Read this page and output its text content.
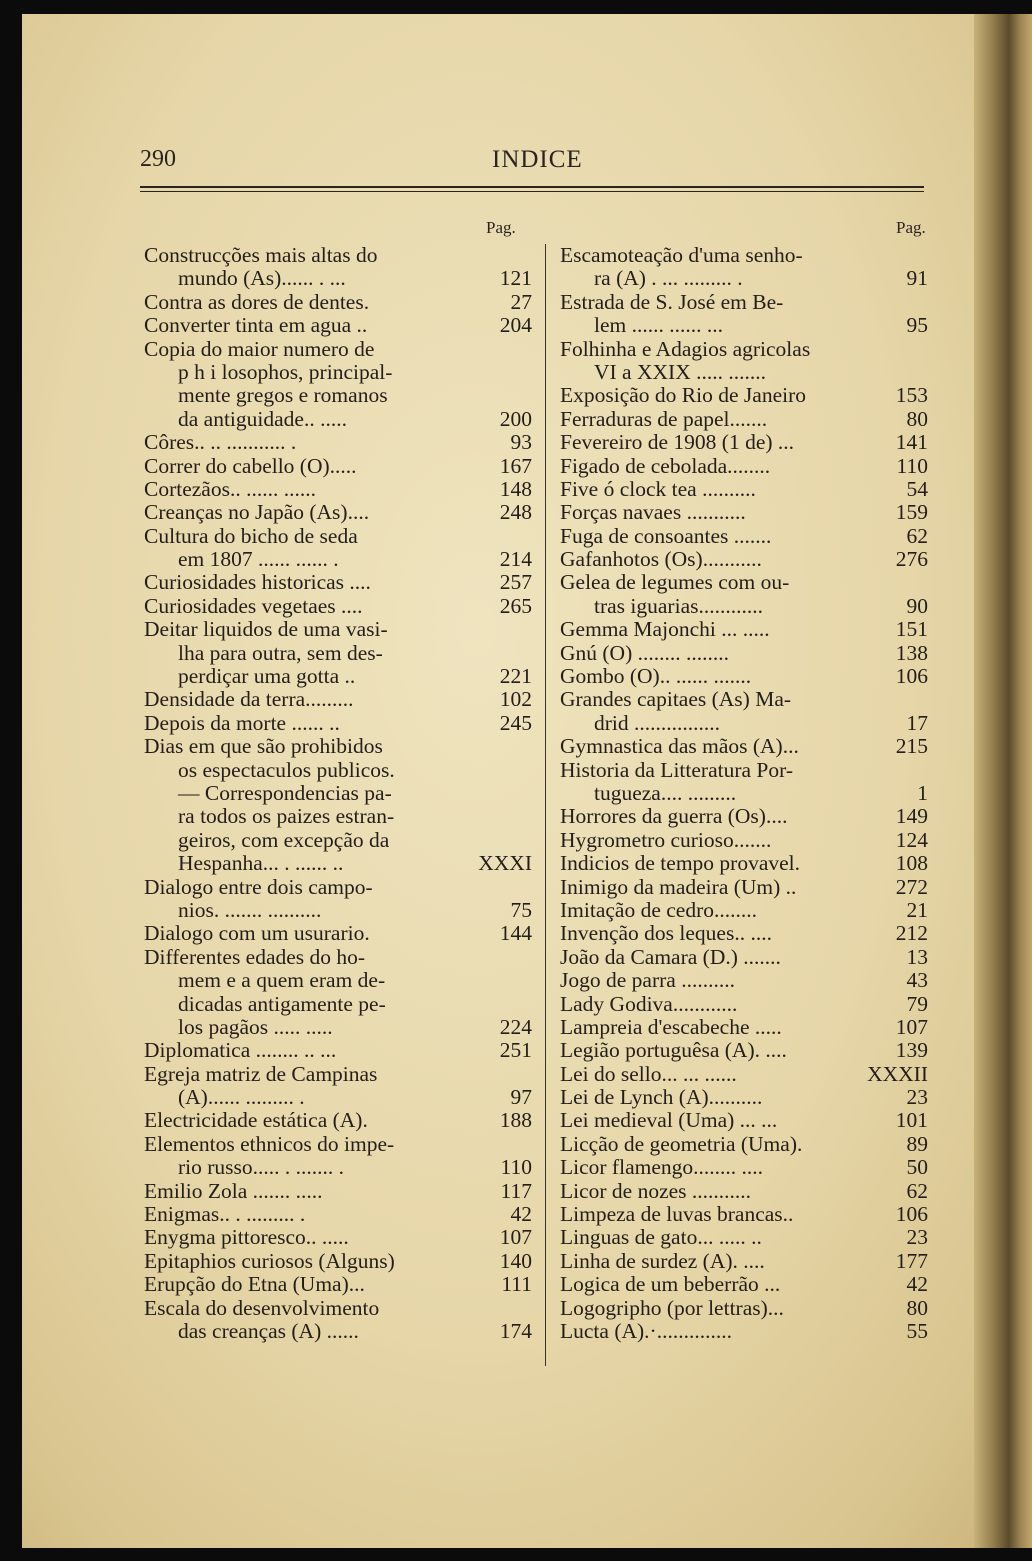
290	INDICE
Pag.	Pag.
Construcções mais altas do
mundo (As)...... . ...	121
Contra as dores de dentes.	27
Converter tinta em agua ..	204
Copia do maior numero de
p h i losophos, principal-
mente gregos e romanos
da antiguidade.. .....	200
Côres.. .. ........... .	93
Correr do cabello (O).....	167
Cortezãos.. ...... ......	148
Creanças no Japão (As)....	248
Cultura do bicho de seda
em 1807 ...... ...... .	214
Curiosidades historicas ....	257
Curiosidades vegetaes ....	265
Deitar liquidos de uma vasi-
lha para outra, sem des-
perdiçar uma gotta ..	221
Densidade da terra.........	102
Depois da morte ...... ..	245
Dias em que são prohibidos
os espectaculos publicos.
— Correspondencias pa-
ra todos os paizes estran-
geiros, com excepção da
Hespanha... . ...... ..	XXXI
Dialogo entre dois campo-
nios. ....... ..........	75
Dialogo com um usurario.	144
Differentes edades do ho-
mem e a quem eram de-
dicadas antigamente pe-
los pagãos ..... .....	224
Diplomatica ........ .. ...	251
Egreja matriz de Campinas
(A)...... ......... .	97
Electricidade estática (A).	188
Elementos ethnicos do impe-
rio russo..... . ....... .	110
Emilio Zola ....... .....	117
Enigmas.. . ......... .	42
Enygma pittoresco.. .....	107
Epitaphios curiosos (Alguns)	140
Erupção do Etna (Uma)...	111
Escala do desenvolvimento
das creanças (A) ......	174
Escamoteação d'uma senho-
ra (A) . ... ......... .	91
Estrada de S. José em Be-
lem ...... ...... ...	95
Folhinha e Adagios agricolas
VI a XXIX ..... .......
Exposição do Rio de Janeiro	153
Ferraduras de papel.......	80
Fevereiro de 1908 (1 de) ...	141
Figado de cebolada........	110
Five ó clock tea ..........	54
Forças navaes ...........	159
Fuga de consoantes .......	62
Gafanhotos (Os)...........	276
Gelea de legumes com ou-
tras iguarias............	90
Gemma Majonchi ... .....	151
Gnú (O) ........ ........	138
Gombo (O).. ...... .......	106
Grandes capitaes (As) Ma-
drid ................	17
Gymnastica das mãos (A)...	215
Historia da Litteratura Por-
tugueza.... .........	1
Horrores da guerra (Os)....	149
Hygrometro curioso.......	124
Indicios de tempo provavel.	108
Inimigo da madeira (Um) ..	272
Imitação de cedro........	21
Invenção dos leques.. ....	212
João da Camara (D.) .......	13
Jogo de parra ..........	43
Lady Godiva............	79
Lampreia d'escabeche .....	107
Legião portuguêsa (A). ....	139
Lei do sello... ... ......	XXXII
Lei de Lynch (A)..........	23
Lei medieval (Uma) ... ...	101
Licção de geometria (Uma).	89
Licor flamengo........ ....	50
Licor de nozes ...........	62
Limpeza de luvas brancas..	106
Linguas de gato... ..... ..	23
Linha de surdez (A). ....	177
Logica de um beberrão ...	42
Logogripho (por lettras)...	80
Lucta (A).·..............	55
